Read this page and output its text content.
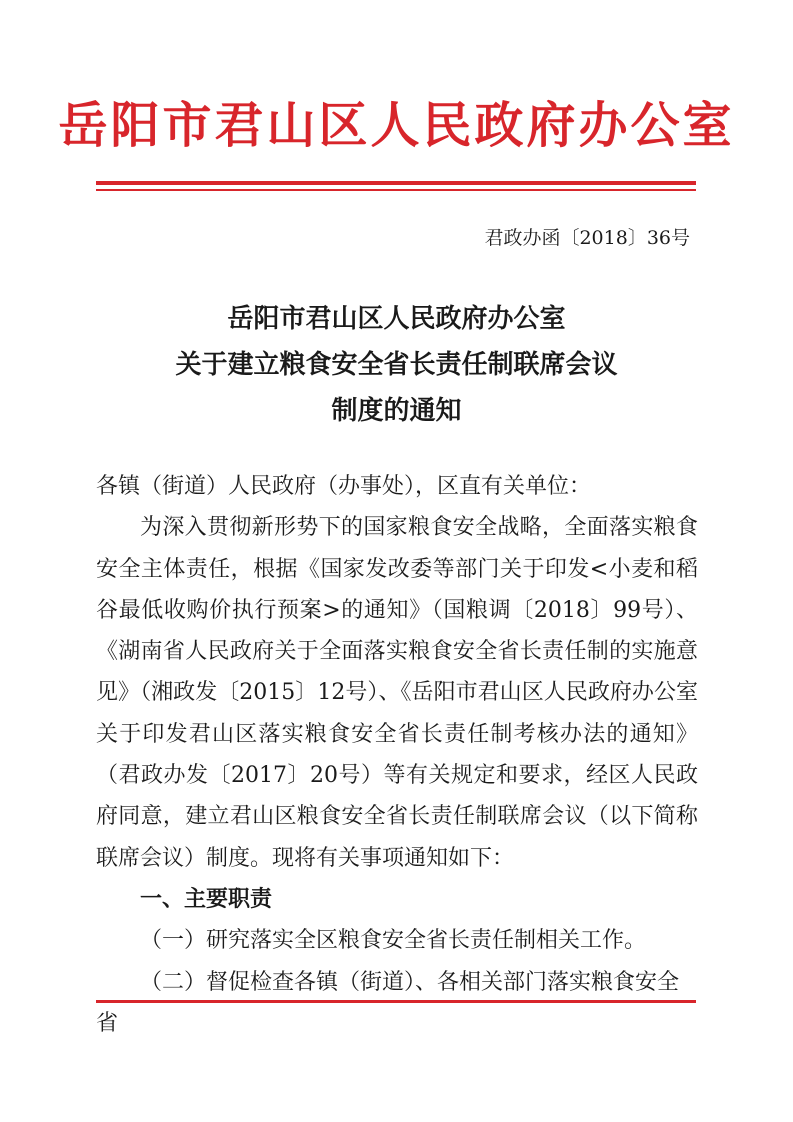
岳阳市君山区人民政府办公室
君政办函〔2018〕36号
岳阳市君山区人民政府办公室
关于建立粮食安全省长责任制联席会议
制度的通知

各镇（街道）人民政府（办事处），区直有关单位：

为深入贯彻新形势下的国家粮食安全战略，全面落实粮食安全主体责任，根据《国家发改委等部门关于印发<小麦和稻谷最低收购价执行预案>的通知》（国粮调〔2018〕99号）、《湖南省人民政府关于全面落实粮食安全省长责任制的实施意见》（湘政发〔2015〕12号）、《岳阳市君山区人民政府办公室关于印发君山区落实粮食安全省长责任制考核办法的通知》（君政办发〔2017〕20号）等有关规定和要求，经区人民政府同意，建立君山区粮食安全省长责任制联席会议（以下简称联席会议）制度。现将有关事项通知如下：

一、主要职责

（一）研究落实全区粮食安全省长责任制相关工作。

（二）督促检查各镇（街道）、各相关部门落实粮食安全省
